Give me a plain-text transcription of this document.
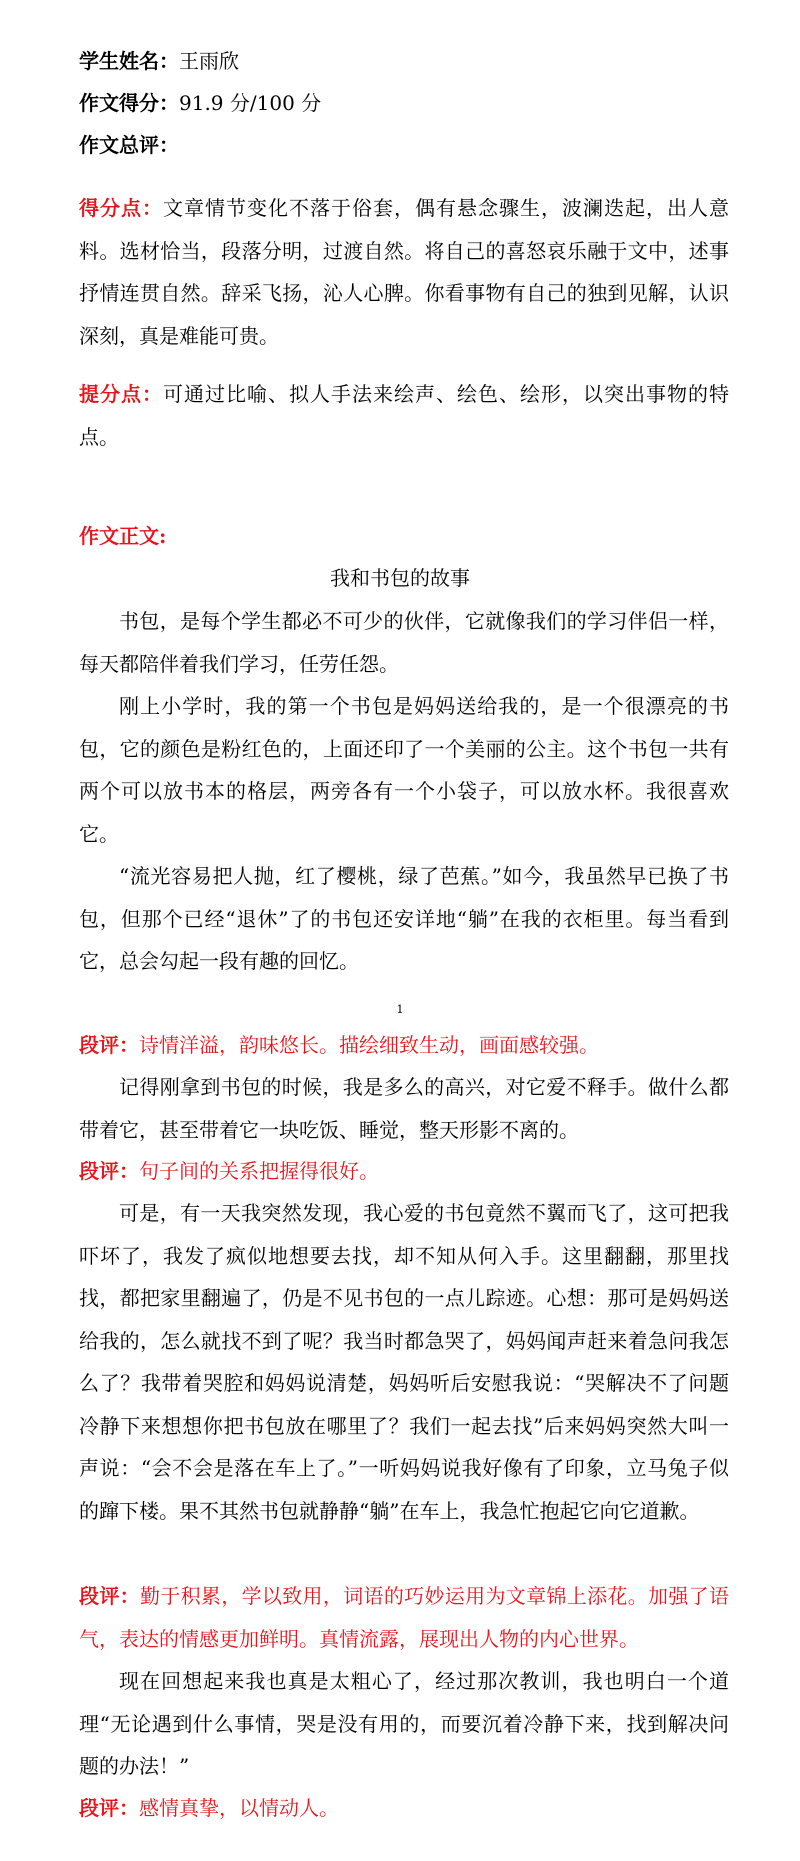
学生姓名：王雨欣
作文得分：91.9 分/100 分
作文总评：
得分点：文章情节变化不落于俗套，偶有悬念骤生，波澜迭起，出人意料。选材恰当，段落分明，过渡自然。将自己的喜怒哀乐融于文中，述事抒情连贯自然。辞采飞扬，沁人心脾。你看事物有自己的独到见解，认识深刻，真是难能可贵。
提分点：可通过比喻、拟人手法来绘声、绘色、绘形，以突出事物的特点。
作文正文:
我和书包的故事
书包，是每个学生都必不可少的伙伴，它就像我们的学习伴侣一样，每天都陪伴着我们学习，任劳任怨。
刚上小学时，我的第一个书包是妈妈送给我的，是一个很漂亮的书包，它的颜色是粉红色的，上面还印了一个美丽的公主。这个书包一共有两个可以放书本的格层，两旁各有一个小袋子，可以放水杯。我很喜欢它。
“流光容易把人抛，红了樱桃，绿了芭蕉。”如今，我虽然早已换了书包，但那个已经“退休”了的书包还安详地“躺”在我的衣柜里。每当看到它，总会勾起一段有趣的回忆。
1
段评：诗情洋溢，韵味悠长。描绘细致生动，画面感较强。
记得刚拿到书包的时候，我是多么的高兴，对它爱不释手。做什么都带着它，甚至带着它一块吃饭、睡觉，整天形影不离的。
段评：句子间的关系把握得很好。
可是，有一天我突然发现，我心爱的书包竟然不翼而飞了，这可把我吓坏了，我发了疯似地想要去找，却不知从何入手。这里翻翻，那里找找，都把家里翻遍了，仍是不见书包的一点儿踪迹。心想：那可是妈妈送给我的，怎么就找不到了呢？我当时都急哭了，妈妈闻声赶来着急问我怎么了？我带着哭腔和妈妈说清楚，妈妈听后安慰我说：“哭解决不了问题冷静下来想想你把书包放在哪里了？我们一起去找”后来妈妈突然大叫一声说：“会不会是落在车上了。”一听妈妈说我好像有了印象，立马兔子似的蹿下楼。果不其然书包就静静“躺”在车上，我急忙抱起它向它道歉。
段评：勤于积累，学以致用，词语的巧妙运用为文章锦上添花。加强了语气，表达的情感更加鲜明。真情流露，展现出人物的内心世界。
现在回想起来我也真是太粗心了，经过那次教训，我也明白一个道理“无论遇到什么事情，哭是没有用的，而要沉着冷静下来，找到解决问题的办法！”
段评：感情真挚，以情动人。
